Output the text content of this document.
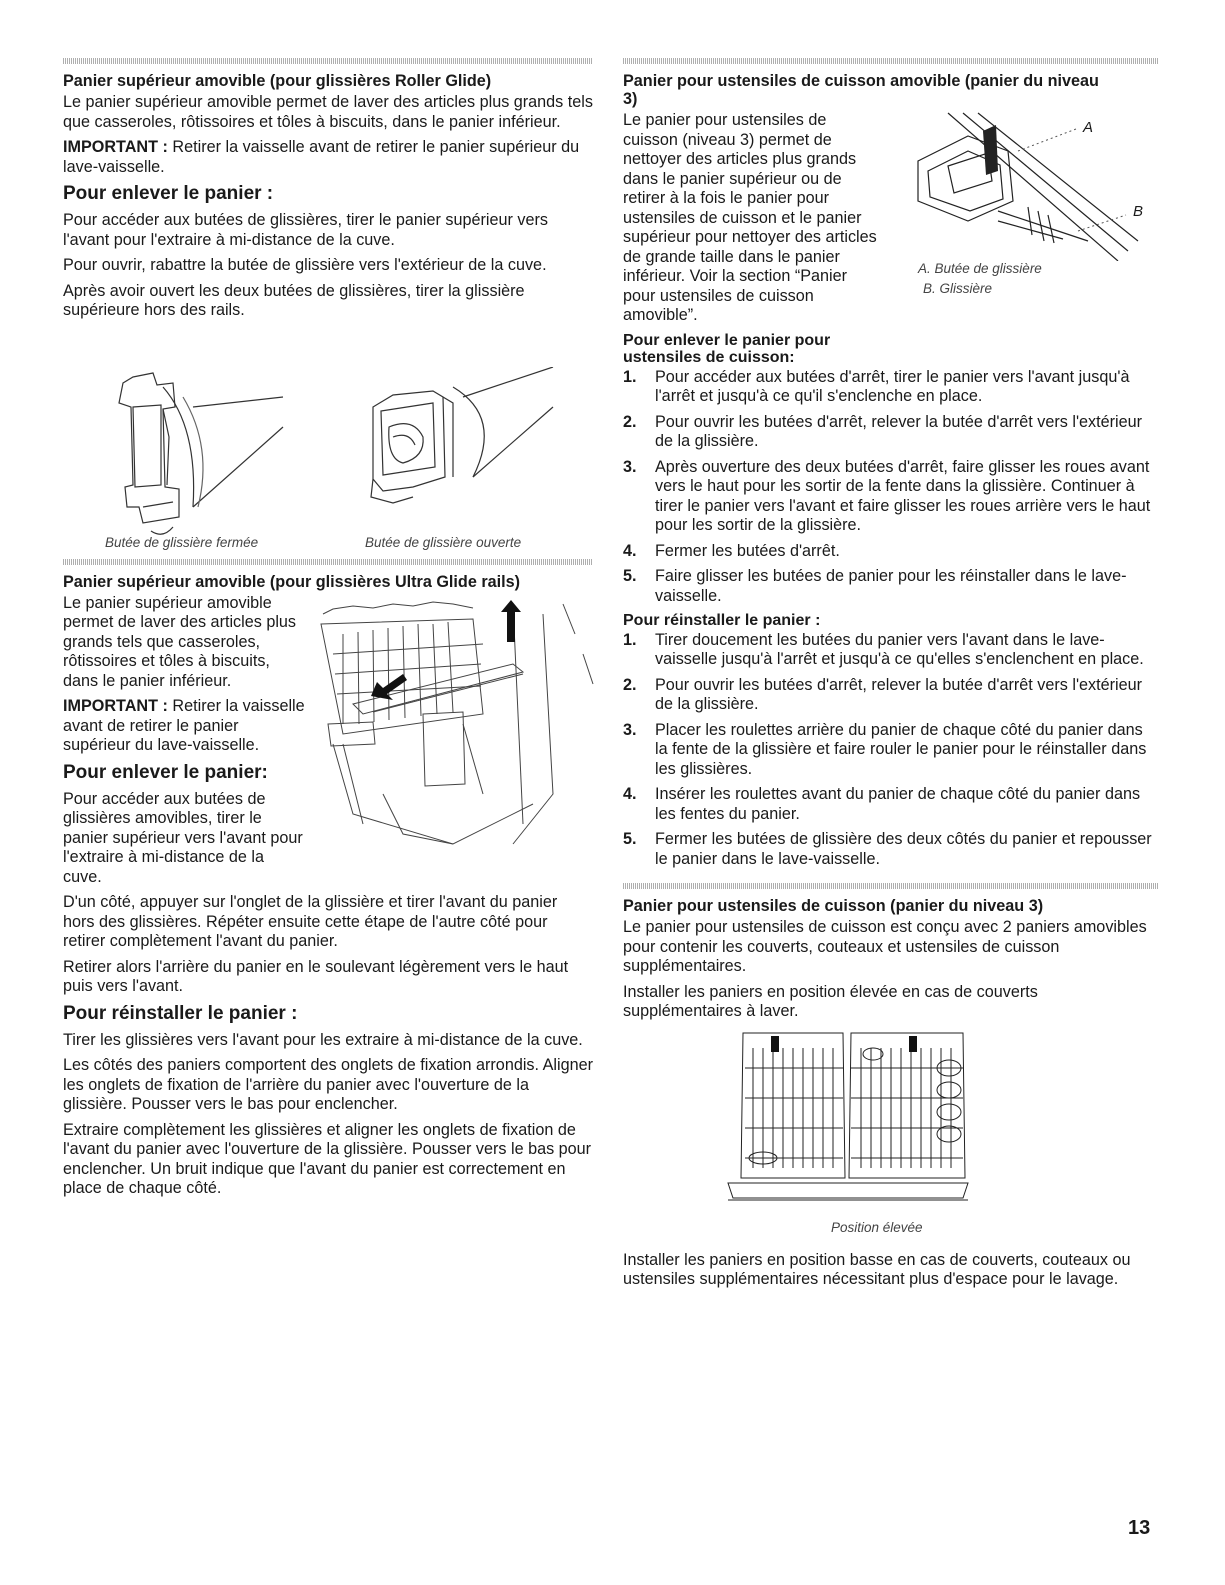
Panier supérieur amovible (pour glissières Roller Glide)

Le panier supérieur amovible permet de laver des articles plus grands tels que casseroles, rôtissoires et tôles à biscuits, dans le panier inférieur.

IMPORTANT : Retirer la vaisselle avant de retirer le panier supérieur du lave-vaisselle.

Pour enlever le panier :

Pour accéder aux butées de glissières, tirer le panier supérieur vers l'avant pour l'extraire à mi-distance de la cuve.

Pour ouvrir, rabattre la butée de glissière vers l'extérieur de la cuve.

Après avoir ouvert les deux butées de glissières, tirer la glissière supérieure hors des rails.

Butée de glissière fermée	Butée de glissière ouverte
Panier supérieur amovible (pour glissières Ultra Glide rails)

Le panier supérieur amovible permet de laver des articles plus grands tels que casseroles, rôtissoires et tôles à biscuits, dans le panier inférieur.

IMPORTANT : Retirer la vaisselle avant de retirer le panier supérieur du lave-vaisselle.

Pour enlever le panier:

Pour accéder aux butées de glissières amovibles, tirer le panier supérieur vers l'avant pour l'extraire à mi-distance de la cuve.

D'un côté, appuyer sur l'onglet de la glissière et tirer l'avant du panier hors des glissières. Répéter ensuite cette étape de l'autre côté pour retirer complètement l'avant du panier.

Retirer alors l'arrière du panier en le soulevant légèrement vers le haut puis vers l'avant.

Pour réinstaller le panier :

Tirer les glissières vers l'avant pour les extraire à mi-distance de la cuve.

Les côtés des paniers comportent des onglets de fixation arrondis. Aligner les onglets de fixation de l'arrière du panier avec l'ouverture de la glissière. Pousser vers le bas pour enclencher.

Extraire complètement les glissières et aligner les onglets de fixation de l'avant du panier avec l'ouverture de la glissière. Pousser vers le bas pour enclencher. Un bruit indique que l'avant du panier est correctement en place de chaque côté.

Panier pour ustensiles de cuisson amovible (panier du niveau 3)
A
B
A. Butée de glissière
B. Glissière

Le panier pour ustensiles de cuisson (niveau 3) permet de nettoyer des articles plus grands dans le panier supérieur ou de retirer à la fois le panier pour ustensiles de cuisson et le panier supérieur pour nettoyer des articles de grande taille dans le panier inférieur. Voir la section “Panier pour ustensiles de cuisson amovible”.

Pour enlever le panier pour ustensiles de cuisson:
1. Pour accéder aux butées d'arrêt, tirer le panier vers l'avant jusqu'à l'arrêt et jusqu'à ce qu'il s'enclenche en place.
2. Pour ouvrir les butées d'arrêt, relever la butée d'arrêt vers l'extérieur de la glissière.
3. Après ouverture des deux butées d'arrêt, faire glisser les roues avant vers le haut pour les sortir de la fente dans la glissière. Continuer à tirer le panier vers l'avant et faire glisser les roues arrière vers le haut pour les sortir de la glissière.
4. Fermer les butées d'arrêt.
5. Faire glisser les butées de panier pour les réinstaller dans le lave-vaisselle.
Pour réinstaller le panier :
1. Tirer doucement les butées du panier vers l'avant dans le lave-vaisselle jusqu'à l'arrêt et jusqu'à ce qu'elles s'enclenchent en place.
2. Pour ouvrir les butées d'arrêt, relever la butée d'arrêt vers l'extérieur de la glissière.
3. Placer les roulettes arrière du panier de chaque côté du panier dans la fente de la glissière et faire rouler le panier pour le réinstaller dans les glissières.
4. Insérer les roulettes avant du panier de chaque côté du panier dans les fentes du panier.
5. Fermer les butées de glissière des deux côtés du panier et repousser le panier dans le lave-vaisselle.
Panier pour ustensiles de cuisson (panier du niveau 3)

Le panier pour ustensiles de cuisson est conçu avec 2 paniers amovibles pour contenir les couverts, couteaux et ustensiles de cuisson supplémentaires.

Installer les paniers en position élevée en cas de couverts supplémentaires à laver.

Position élevée

Installer les paniers en position basse en cas de couverts, couteaux ou ustensiles supplémentaires nécessitant plus d'espace pour le lavage.

13
